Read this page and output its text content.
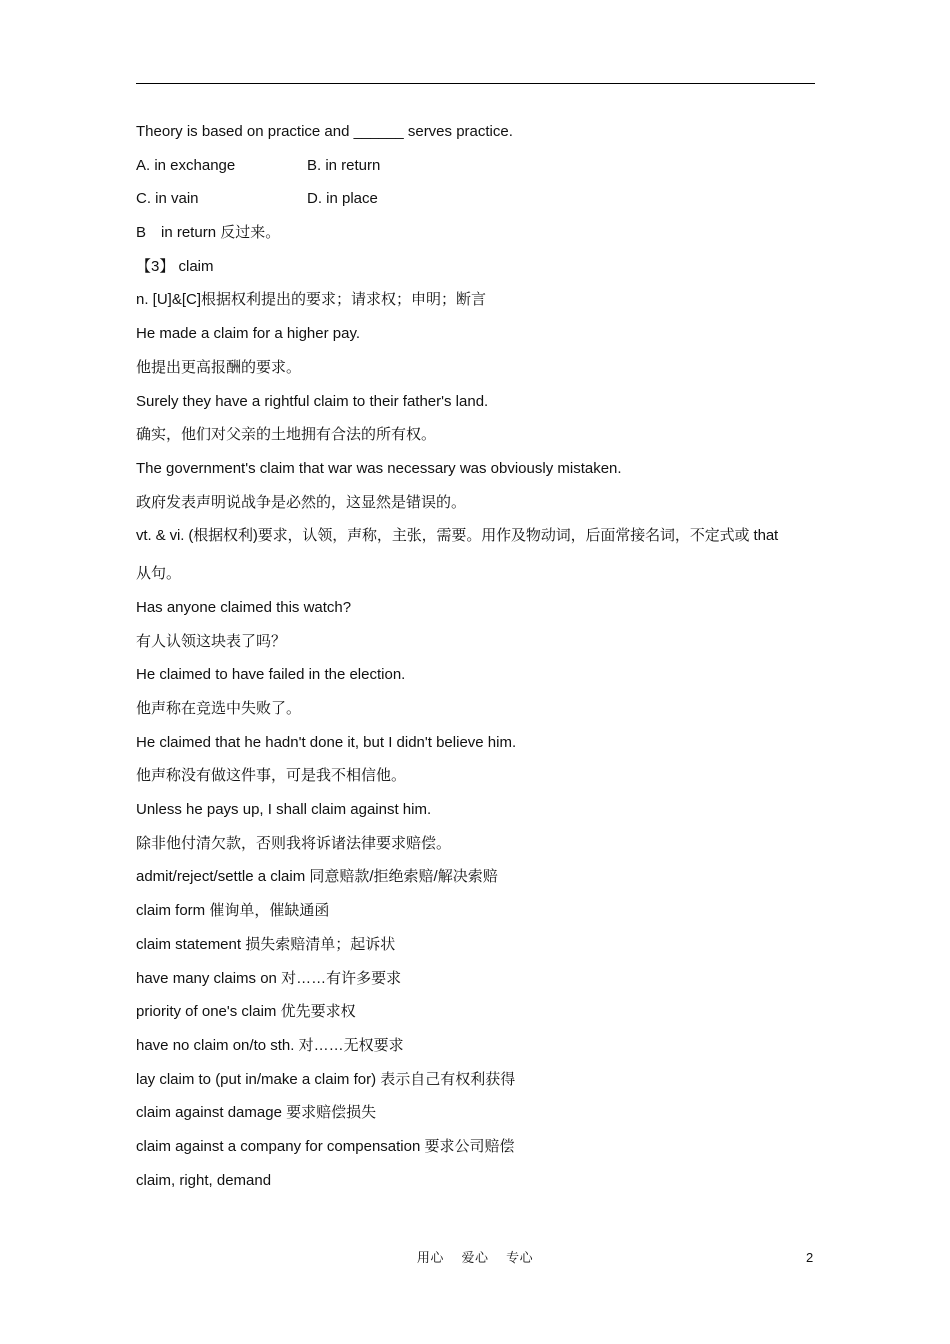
Theory is based on practice and ______ serves practice.
A. in exchange	B. in return
C. in vain	D. in place
B　in return 反过来。
【3】 claim
n. [U]&[C]根据权利提出的要求；请求权；申明；断言
He made a claim for a higher pay.
他提出更高报酬的要求。
Surely they have a rightful claim to their father's land.
确实，他们对父亲的土地拥有合法的所有权。
The government's claim that war was necessary was obviously mistaken.
政府发表声明说战争是必然的，这显然是错误的。
vt. & vi. (根据权利)要求，认领，声称，主张，需要。用作及物动词，后面常接名词，不定式或 that
从句。
Has anyone claimed this watch?
有人认领这块表了吗？
He claimed to have failed in the election.
他声称在竞选中失败了。
He claimed that he hadn't done it, but I didn't believe him.
他声称没有做这件事，可是我不相信他。
Unless he pays up, I shall claim against him.
除非他付清欠款，否则我将诉诸法律要求赔偿。
admit/reject/settle a claim 同意赔款/拒绝索赔/解决索赔
claim form 催询单，催缺通函
claim statement 损失索赔清单；起诉状
have many claims on 对……有许多要求
priority of one's claim 优先要求权
have no claim on/to sth. 对……无权要求
lay claim to (put in/make a claim for) 表示自己有权利获得
claim against damage 要求赔偿损失
claim against a company for compensation 要求公司赔偿
claim, right, demand
用心　 爱心　 专心	2
